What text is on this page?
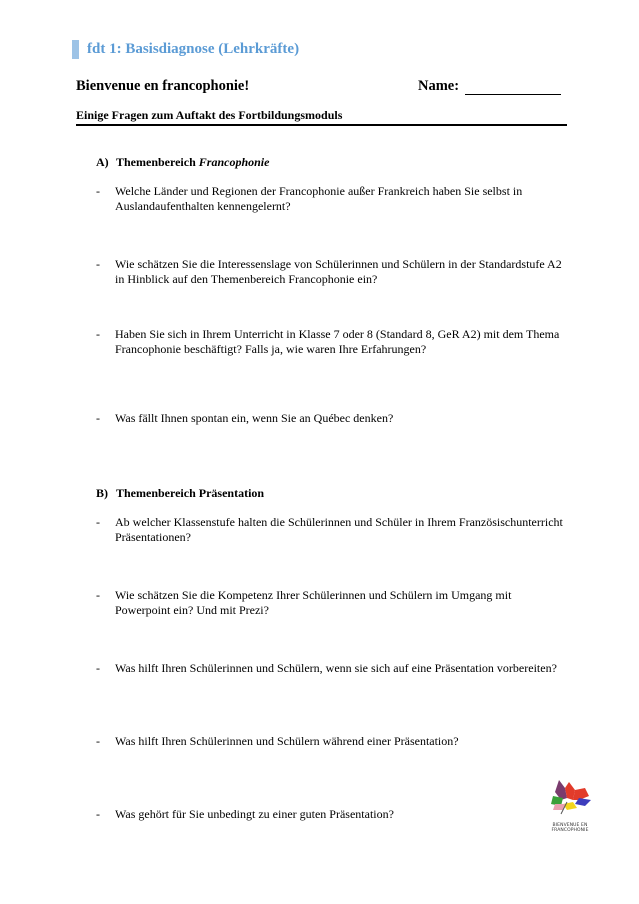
fdt 1: Basisdiagnose (Lehrkräfte)
Bienvenue en francophonie!	Name:
Einige Fragen zum Auftakt des Fortbildungsmoduls
A) Themenbereich Francophonie
-	Welche Länder und Regionen der Francophonie außer Frankreich haben Sie selbst in Auslandaufenthalten kennengelernt?
-	Wie schätzen Sie die Interessenslage von Schülerinnen und Schülern in der Standardstufe A2 in Hinblick auf den Themenbereich Francophonie ein?
-	Haben Sie sich in Ihrem Unterricht in Klasse 7 oder 8 (Standard 8, GeR A2) mit dem Thema Francophonie beschäftigt? Falls ja, wie waren Ihre Erfahrungen?
-	Was fällt Ihnen spontan ein, wenn Sie an Québec denken?
B) Themenbereich Präsentation
-	Ab welcher Klassenstufe halten die Schülerinnen und Schüler in Ihrem Französischunterricht Präsentationen?
-	Wie schätzen Sie die Kompetenz Ihrer Schülerinnen und Schülern im Umgang mit Powerpoint ein? Und mit Prezi?
-	Was hilft Ihren Schülerinnen und Schülern, wenn sie sich auf eine Präsentation vorbereiten?
-	Was hilft Ihren Schülerinnen und Schülern während einer Präsentation?
-	Was gehört für Sie unbedingt zu einer guten Präsentation?
BIENVENUE EN
FRANCOPHONIE
